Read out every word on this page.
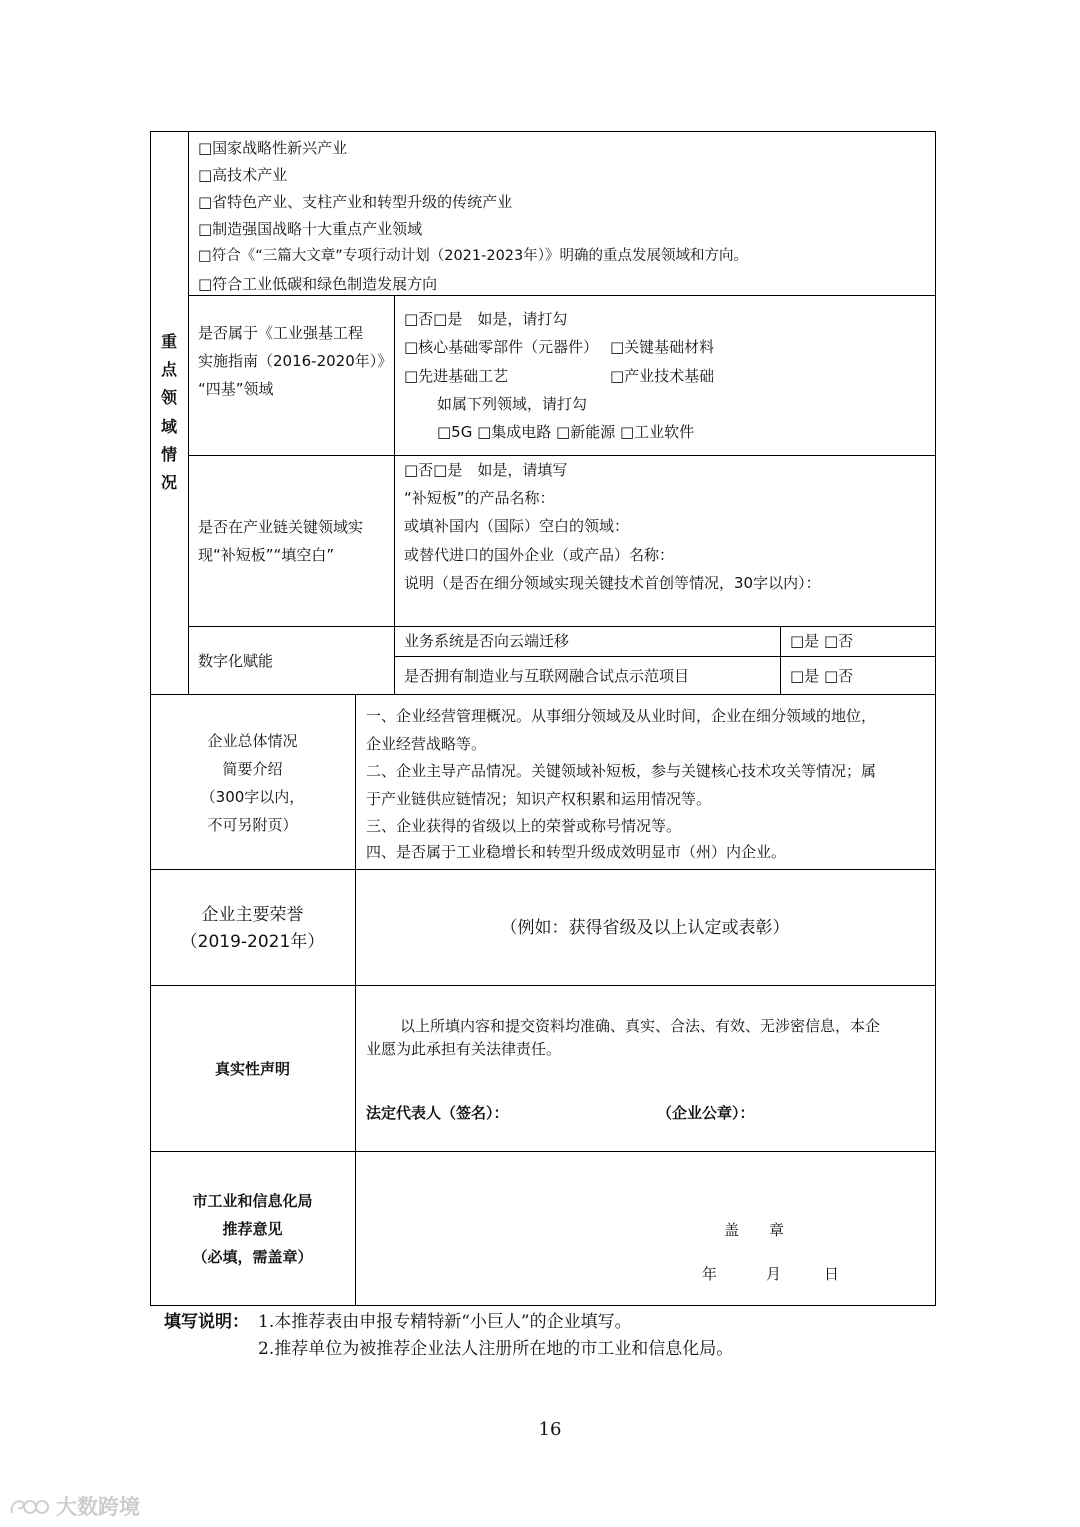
重
点
领
域
情
况
□国家战略性新兴产业
□高技术产业
□省特色产业、支柱产业和转型升级的传统产业
□制造强国战略十大重点产业领域
□符合《“三篇大文章”专项行动计划（2021-2023年）》明确的重点发展领域和方向。
□符合工业低碳和绿色制造发展方向
是否属于《工业强基工程
实施指南（2016-2020年）》
“四基”领域
□否□是　如是，请打勾
□核心基础零部件（元器件） □关键基础材料
□先进基础工艺	□产业技术基础
如属下列领域，请打勾
□5G □集成电路 □新能源 □工业软件
是否在产业链关键领域实
现“补短板”“填空白”
□否□是　如是，请填写
“补短板”的产品名称：
或填补国内（国际）空白的领域：
或替代进口的国外企业（或产品）名称：
说明（是否在细分领域实现关键技术首创等情况，30字以内）：
数字化赋能
业务系统是否向云端迁移	□是 □否
是否拥有制造业与互联网融合试点示范项目	□是 □否
企业总体情况
简要介绍
（300字以内，
不可另附页）
一、企业经营管理概况。从事细分领域及从业时间，企业在细分领域的地位，
企业经营战略等。
二、企业主导产品情况。关键领域补短板，参与关键核心技术攻关等情况；属
于产业链供应链情况；知识产权积累和运用情况等。
三、企业获得的省级以上的荣誉或称号情况等。
四、是否属于工业稳增长和转型升级成效明显市（州）内企业。
企业主要荣誉
（2019-2021年）
（例如：获得省级及以上认定或表彰）
真实性声明
以上所填内容和提交资料均准确、真实、合法、有效、无涉密信息，本企
业愿为此承担有关法律责任。
法定代表人（签名）：	（企业公章）：
市工业和信息化局
推荐意见
（必填，需盖章）
盖　　章
年	月	日
填写说明： 1.本推荐表由申报专精特新“小巨人”的企业填写。
2.推荐单位为被推荐企业法人注册所在地的市工业和信息化局。
16
大数跨境
